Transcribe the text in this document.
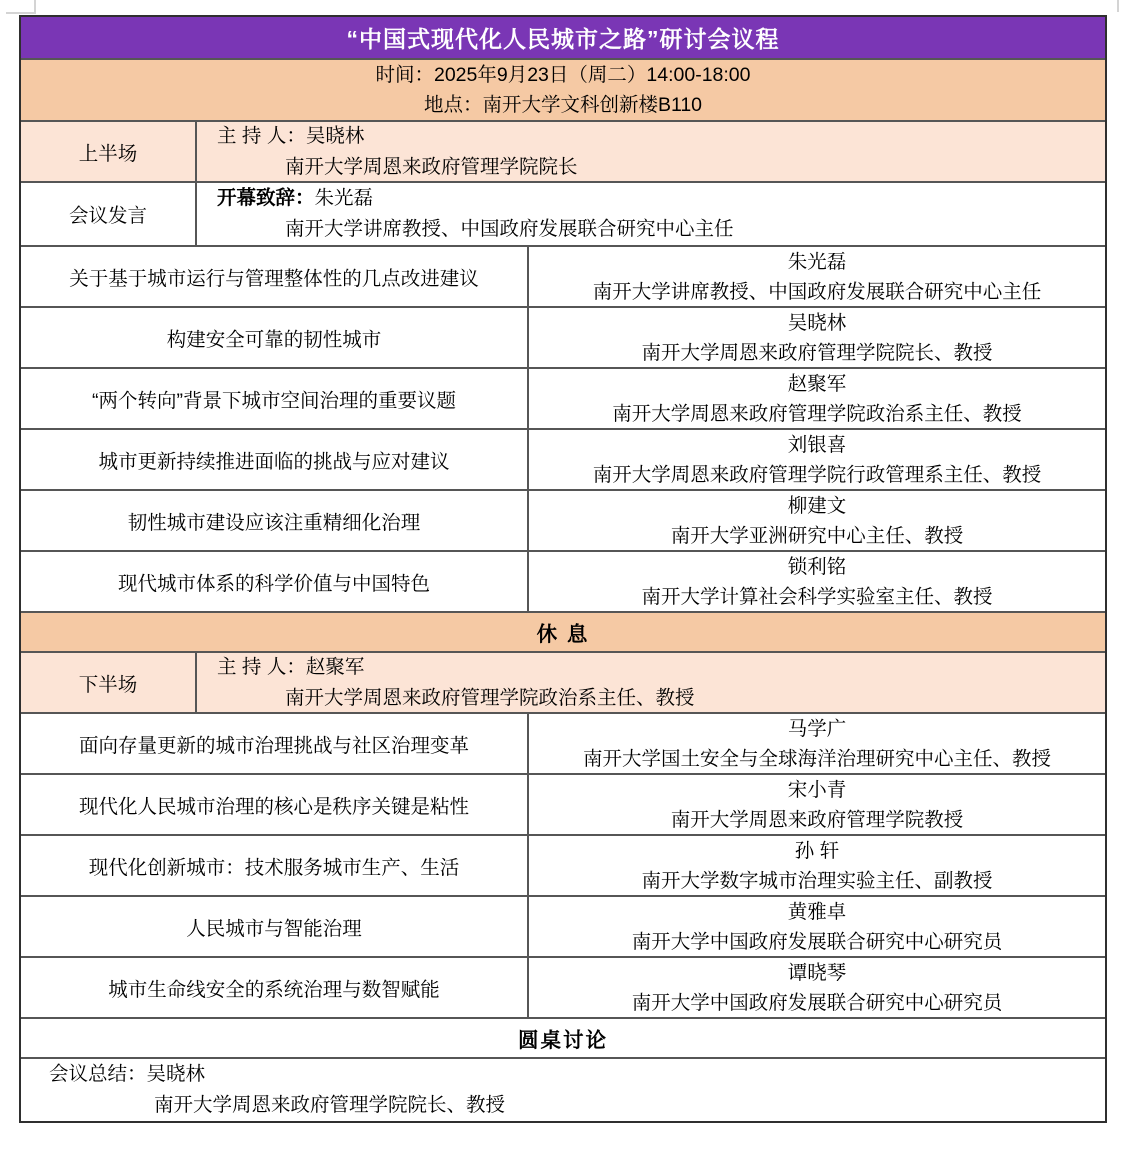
“中国式现代化人民城市之路”研讨会议程
时间：2025年9月23日（周二）14:00-18:00
地点：南开大学文科创新楼B110
上半场
主 持 人：吴晓林
南开大学周恩来政府管理学院院长
会议发言
开幕致辞：朱光磊
南开大学讲席教授、中国政府发展联合研究中心主任
关于基于城市运行与管理整体性的几点改进建议
朱光磊
南开大学讲席教授、中国政府发展联合研究中心主任
构建安全可靠的韧性城市
吴晓林
南开大学周恩来政府管理学院院长、教授
“两个转向”背景下城市空间治理的重要议题
赵聚军
南开大学周恩来政府管理学院政治系主任、教授
城市更新持续推进面临的挑战与应对建议
刘银喜
南开大学周恩来政府管理学院行政管理系主任、教授
韧性城市建设应该注重精细化治理
柳建文
南开大学亚洲研究中心主任、教授
现代城市体系的科学价值与中国特色
锁利铭
南开大学计算社会科学实验室主任、教授
休 息
下半场
主 持 人：赵聚军
南开大学周恩来政府管理学院政治系主任、教授
面向存量更新的城市治理挑战与社区治理变革
马学广
南开大学国土安全与全球海洋治理研究中心主任、教授
现代化人民城市治理的核心是秩序关键是粘性
宋小青
南开大学周恩来政府管理学院教授
现代化创新城市：技术服务城市生产、生活
孙 轩
南开大学数字城市治理实验主任、副教授
人民城市与智能治理
黄雅卓
南开大学中国政府发展联合研究中心研究员
城市生命线安全的系统治理与数智赋能
谭晓琴
南开大学中国政府发展联合研究中心研究员
圆桌讨论
会议总结：吴晓林
南开大学周恩来政府管理学院院长、教授
